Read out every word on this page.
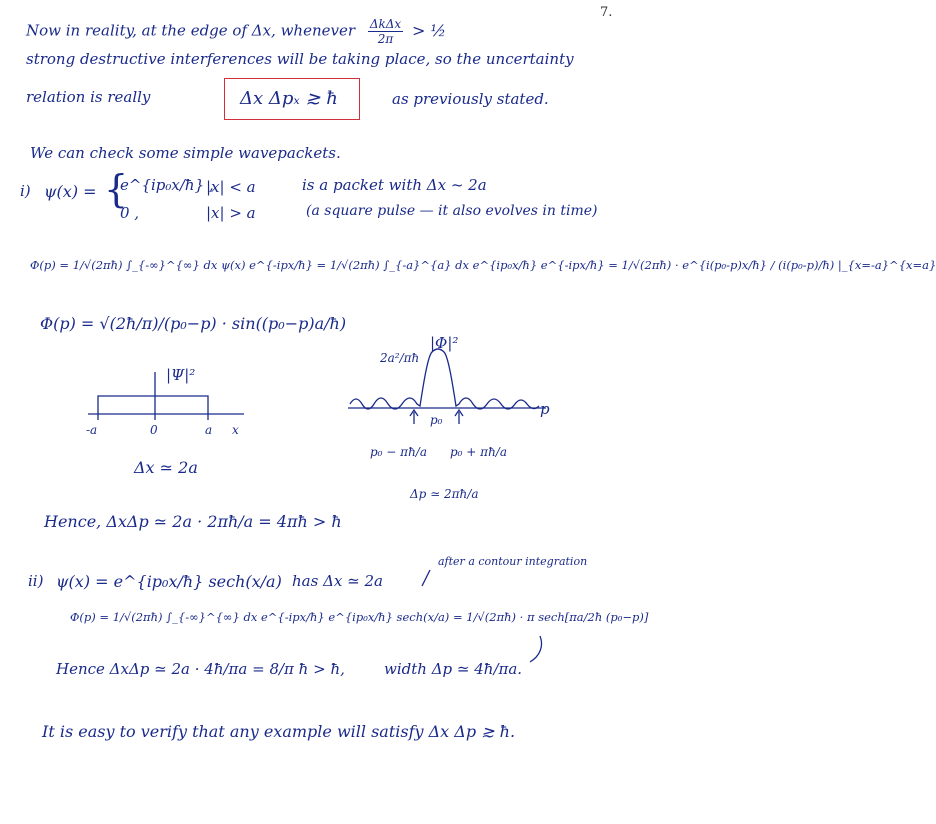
7.
Now in reality, at the edge of Δx, whenever $\frac{\text{ΔkΔx}}{2\pi}$ > ½
strong destructive interferences will be taking place, so the uncertainty
relation is really	Δx Δpₓ ≳ ħ	as previously stated.
We can check some simple wavepackets.
i) ψ(x) = {
e^{ip₀x/ħ} ,
|x| < a
0 ,	|x| > a
is a packet with Δx ~ 2a
(a square pulse — it also evolves in time)
Φ(p) = 1/√(2πħ) ∫_{-∞}^{∞} dx ψ(x) e^{-ipx/ħ} = 1/√(2πħ) ∫_{-a}^{a} dx e^{ip₀x/ħ} e^{-ipx/ħ} = 1/√(2πħ) · e^{i(p₀-p)x/ħ} / (i(p₀-p)/ħ) |_{x=-a}^{x=a}
Φ(p) = √(2ħ/π)/(p₀−p) · sin((p₀−p)a/ħ)
|Ψ|²
-a	0	a x
Δx ≃ 2a
2a²/πħ
|Φ|²
p
p₀
p₀ − πħ/a p₀ + πħ/a
Δp ≃ 2πħ/a
Hence, ΔxΔp ≃ 2a · 2πħ/a = 4πħ > ħ
after a contour integration
ii) ψ(x) = e^{ip₀x/ħ} sech(x/a) has Δx ≃ 2a
Φ(p) = 1/√(2πħ) ∫_{-∞}^{∞} dx e^{-ipx/ħ} e^{ip₀x/ħ} sech(x/a) = 1/√(2πħ) · π sech[πa/2ħ (p₀−p)]
Hence ΔxΔp ≃ 2a · 4ħ/πa = 8/π ħ > ħ,	width Δp ≃ 4ħ/πa.
It is easy to verify that any example will satisfy Δx Δp ≳ ħ.
